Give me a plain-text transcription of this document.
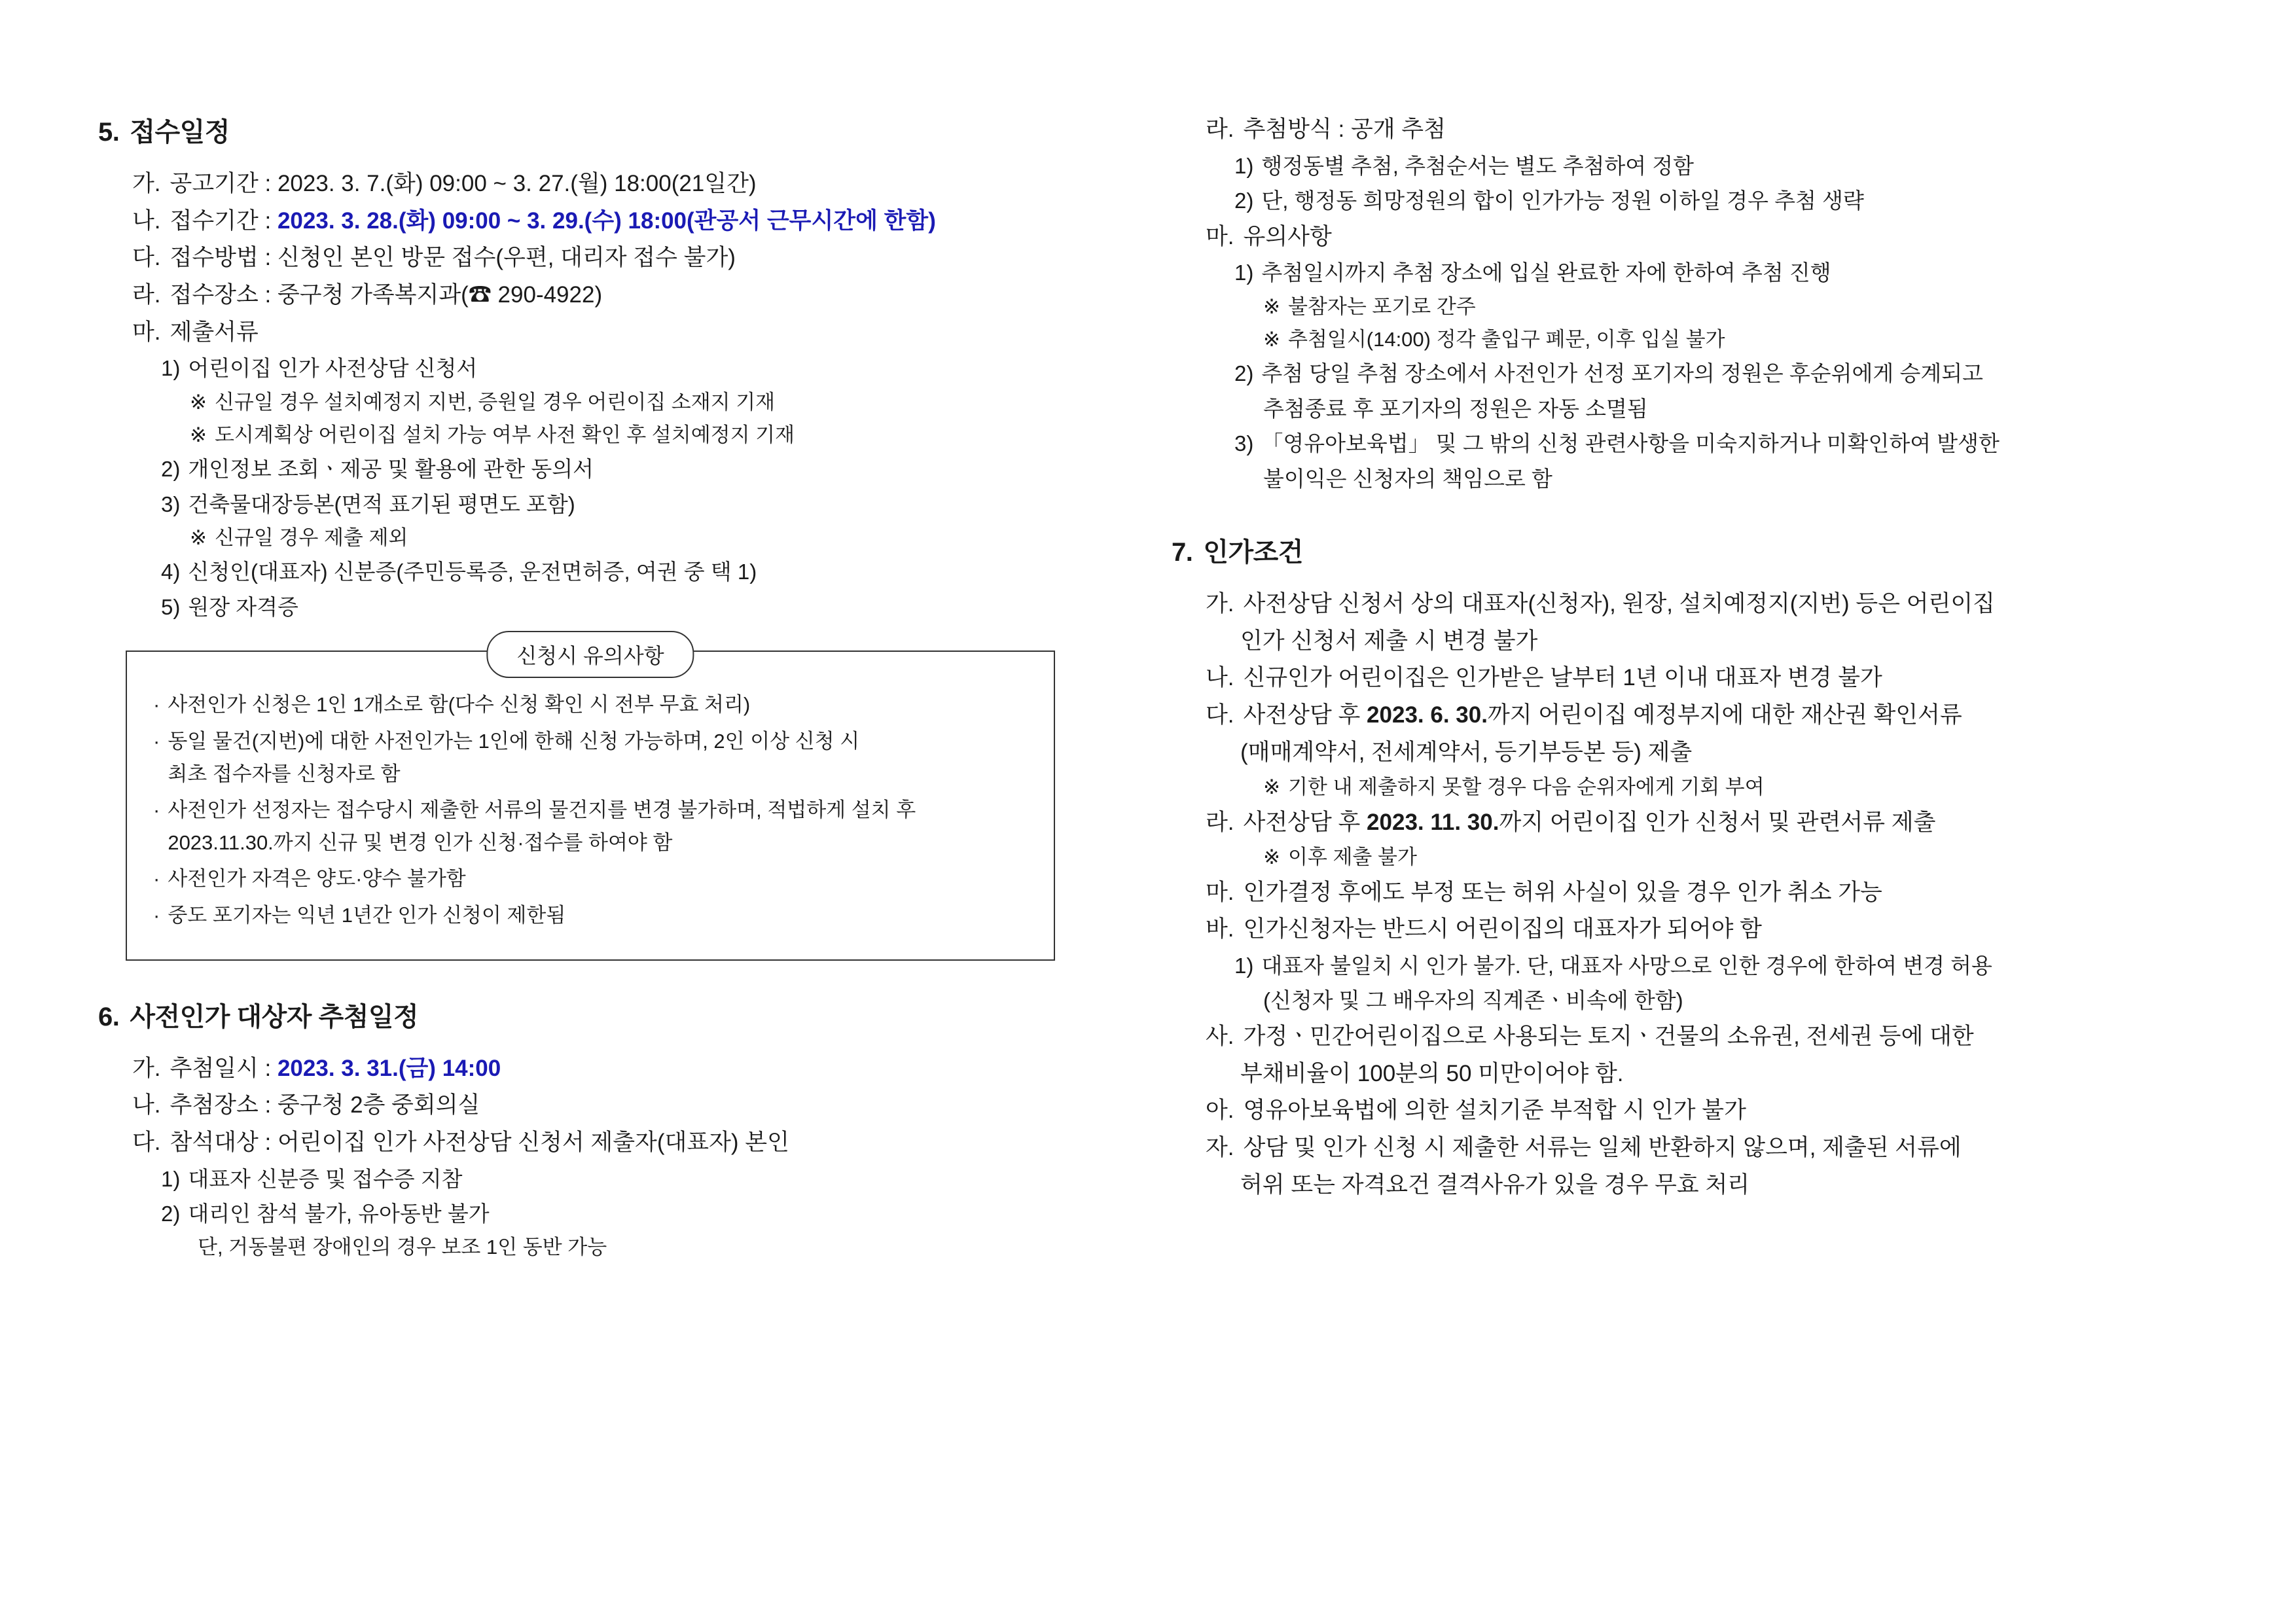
5. 접수일정
가. 공고기간 : 2023. 3. 7.(화) 09:00 ~ 3. 27.(월) 18:00(21일간)
나. 접수기간 : 2023. 3. 28.(화) 09:00 ~ 3. 29.(수) 18:00(관공서 근무시간에 한함)
다. 접수방법 : 신청인 본인 방문 접수(우편, 대리자 접수 불가)
라. 접수장소 : 중구청 가족복지과(☎ 290-4922)
마. 제출서류
1) 어린이집 인가 사전상담 신청서
※ 신규일 경우 설치예정지 지번, 증원일 경우 어린이집 소재지 기재
※ 도시계획상 어린이집 설치 가능 여부 사전 확인 후 설치예정지 기재
2) 개인정보 조회ㆍ제공 및 활용에 관한 동의서
3) 건축물대장등본(면적 표기된 평면도 포함)
※ 신규일 경우 제출 제외
4) 신청인(대표자) 신분증(주민등록증, 운전면허증, 여권 중 택 1)
5) 원장 자격증
신청시 유의사항
· 사전인가 신청은 1인 1개소로 함(다수 신청 확인 시 전부 무효 처리)
· 동일 물건(지번)에 대한 사전인가는 1인에 한해 신청 가능하며, 2인 이상 신청 시
최초 접수자를 신청자로 함
· 사전인가 선정자는 접수당시 제출한 서류의 물건지를 변경 불가하며, 적법하게 설치 후
2023.11.30.까지 신규 및 변경 인가 신청·접수를 하여야 함
· 사전인가 자격은 양도·양수 불가함
· 중도 포기자는 익년 1년간 인가 신청이 제한됨
6. 사전인가 대상자 추첨일정
가. 추첨일시 : 2023. 3. 31.(금) 14:00
나. 추첨장소 : 중구청 2층 중회의실
다. 참석대상 : 어린이집 인가 사전상담 신청서 제출자(대표자) 본인
1) 대표자 신분증 및 접수증 지참
2) 대리인 참석 불가, 유아동반 불가
단, 거동불편 장애인의 경우 보조 1인 동반 가능
라. 추첨방식 : 공개 추첨
1) 행정동별 추첨, 추첨순서는 별도 추첨하여 정함
2) 단, 행정동 희망정원의 합이 인가가능 정원 이하일 경우 추첨 생략
마. 유의사항
1) 추첨일시까지 추첨 장소에 입실 완료한 자에 한하여 추첨 진행
※ 불참자는 포기로 간주
※ 추첨일시(14:00) 정각 출입구 폐문, 이후 입실 불가
2) 추첨 당일 추첨 장소에서 사전인가 선정 포기자의 정원은 후순위에게 승계되고
추첨종료 후 포기자의 정원은 자동 소멸됨
3) 「영유아보육법」 및 그 밖의 신청 관련사항을 미숙지하거나 미확인하여 발생한
불이익은 신청자의 책임으로 함
7. 인가조건
가. 사전상담 신청서 상의 대표자(신청자), 원장, 설치예정지(지번) 등은 어린이집
인가 신청서 제출 시 변경 불가
나. 신규인가 어린이집은 인가받은 날부터 1년 이내 대표자 변경 불가
다. 사전상담 후 2023. 6. 30.까지 어린이집 예정부지에 대한 재산권 확인서류
(매매계약서, 전세계약서, 등기부등본 등) 제출
※ 기한 내 제출하지 못할 경우 다음 순위자에게 기회 부여
라. 사전상담 후 2023. 11. 30.까지 어린이집 인가 신청서 및 관련서류 제출
※ 이후 제출 불가
마. 인가결정 후에도 부정 또는 허위 사실이 있을 경우 인가 취소 가능
바. 인가신청자는 반드시 어린이집의 대표자가 되어야 함
1) 대표자 불일치 시 인가 불가. 단, 대표자 사망으로 인한 경우에 한하여 변경 허용
(신청자 및 그 배우자의 직계존ㆍ비속에 한함)
사. 가정ㆍ민간어린이집으로 사용되는 토지ㆍ건물의 소유권, 전세권 등에 대한
부채비율이 100분의 50 미만이어야 함.
아. 영유아보육법에 의한 설치기준 부적합 시 인가 불가
자. 상담 및 인가 신청 시 제출한 서류는 일체 반환하지 않으며, 제출된 서류에
허위 또는 자격요건 결격사유가 있을 경우 무효 처리
